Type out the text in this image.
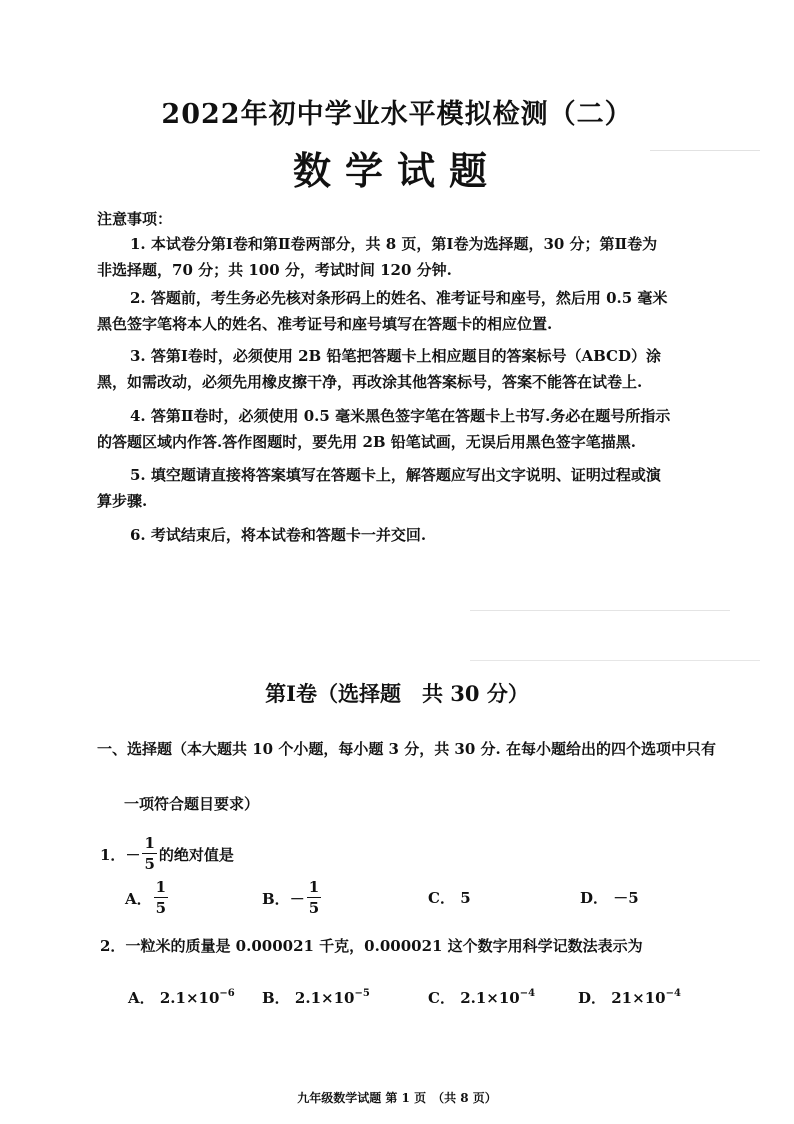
2022年初中学业水平模拟检测（二）
数学试题
注意事项：
1. 本试卷分第Ⅰ卷和第Ⅱ卷两部分，共 8 页，第Ⅰ卷为选择题，30 分；第Ⅱ卷为
非选择题，70 分；共 100 分，考试时间 120 分钟.
2. 答题前，考生务必先核对条形码上的姓名、准考证号和座号，然后用 0.5 毫米
黑色签字笔将本人的姓名、准考证号和座号填写在答题卡的相应位置.
3. 答第Ⅰ卷时，必须使用 2B 铅笔把答题卡上相应题目的答案标号（ABCD）涂
黑，如需改动，必须先用橡皮擦干净，再改涂其他答案标号，答案不能答在试卷上.
4. 答第Ⅱ卷时，必须使用 0.5 毫米黑色签字笔在答题卡上书写.务必在题号所指示
的答题区域内作答.答作图题时，要先用 2B 铅笔试画，无误后用黑色签字笔描黑.
5. 填空题请直接将答案填写在答题卡上，解答题应写出文字说明、证明过程或演
算步骤.
6. 考试结束后，将本试卷和答题卡一并交回.
第Ⅰ卷（选择题　共 30 分）
一、选择题（本大题共 10 个小题，每小题 3 分，共 30 分. 在每小题给出的四个选项中只有
一项符合题目要求）
1． － $\frac{1}{5}$ 的绝对值是
A． $\frac{1}{5}$	B． － $\frac{1}{5}$	C． 5	D． －5
2．一粒米的质量是 0.000021 千克，0.000021 这个数字用科学记数法表示为
A． $2.1\times 10^{-6}$ B． $2.1\times 10^{-5}$	C． $2.1\times 10^{-4}$	D． $21\times 10^{-4}$
九年级数学试题 第 1 页　（共 8 页）
